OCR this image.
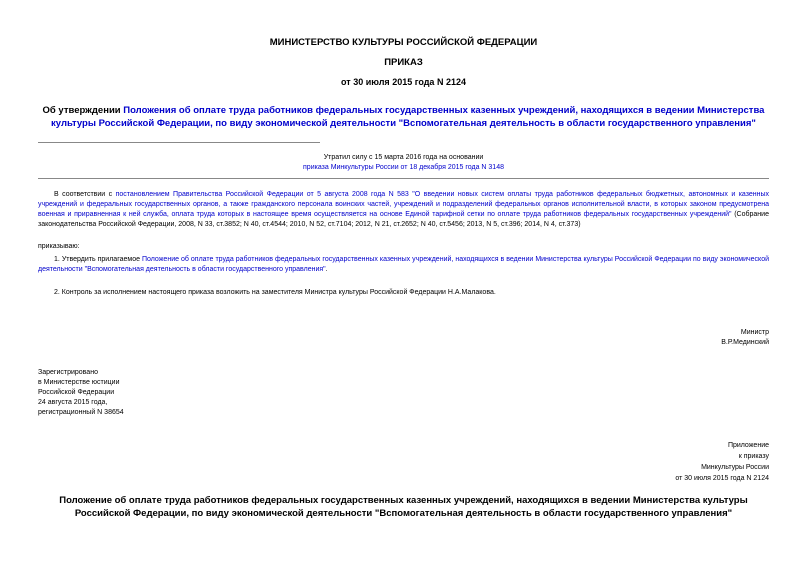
МИНИСТЕРСТВО КУЛЬТУРЫ РОССИЙСКОЙ ФЕДЕРАЦИИ
ПРИКАЗ
от 30 июля 2015 года N 2124
Об утверждении Положения об оплате труда работников федеральных государственных казенных учреждений, находящихся в ведении Министерства культуры Российской Федерации, по виду экономической деятельности "Вспомогательная деятельность в области государственного управления"
Утратил силу с 15 марта 2016 года на основании
приказа Минкультуры России от 18 декабря 2015 года N 3148
В соответствии с постановлением Правительства Российской Федерации от 5 августа 2008 года N 583 "О введении новых систем оплаты труда работников федеральных бюджетных, автономных и казенных учреждений и федеральных государственных органов, а также гражданского персонала воинских частей, учреждений и подразделений федеральных органов исполнительной власти, в которых законом предусмотрена военная и приравненная к ней служба, оплата труда которых в настоящее время осуществляется на основе Единой тарифной сетки по оплате труда работников федеральных государственных учреждений" (Собрание законодательства Российской Федерации, 2008, N 33, ст.3852; N 40, ст.4544; 2010, N 52, ст.7104; 2012, N 21, ст.2652; N 40, ст.5456; 2013, N 5, ст.396; 2014, N 4, ст.373)
приказываю:
1. Утвердить прилагаемое Положение об оплате труда работников федеральных государственных казенных учреждений, находящихся в ведении Министерства культуры Российской Федерации по виду экономической деятельности "Вспомогательная деятельность в области государственного управления".
2. Контроль за исполнением настоящего приказа возложить на заместителя Министра культуры Российской Федерации Н.А.Малакова.
Министр
В.Р.Мединский
Зарегистрировано
в Министерстве юстиции
Российской Федерации
24 августа 2015 года,
регистрационный N 38654
Приложение
к приказу
Минкультуры России
от 30 июля 2015 года N 2124
Положение об оплате труда работников федеральных государственных казенных учреждений, находящихся в ведении Министерства культуры Российской Федерации, по виду экономической деятельности "Вспомогательная деятельность в области государственного управления"
